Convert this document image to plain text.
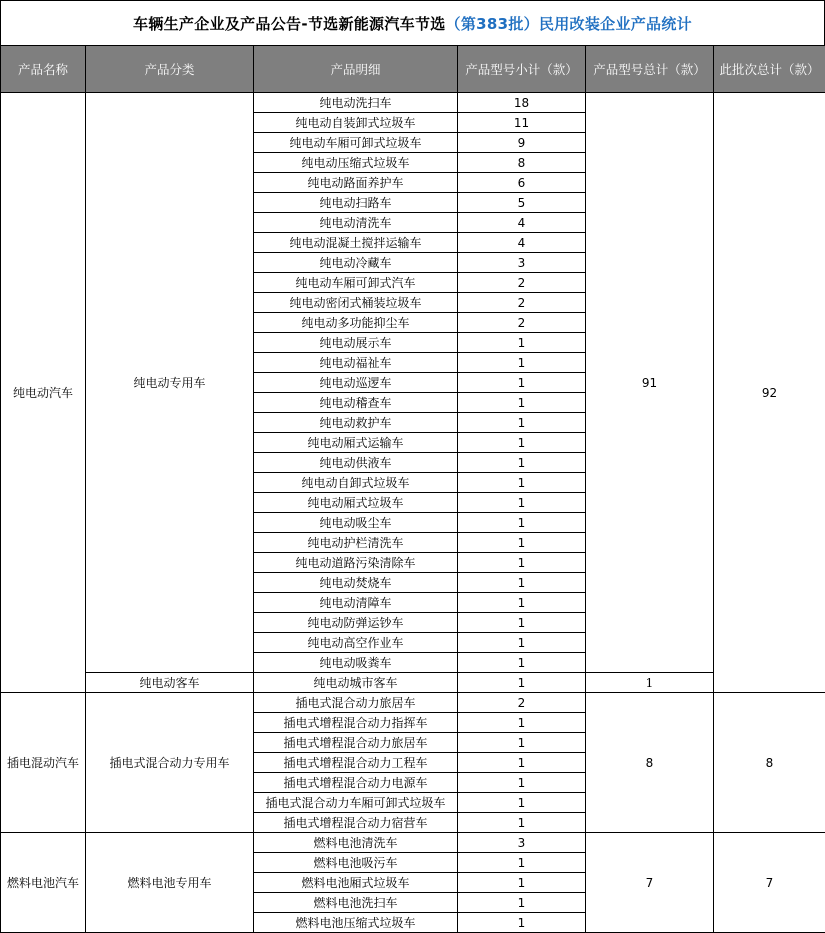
车辆生产企业及产品公告-节选新能源汽车节选 （第383批）民用改装企业产品统计
产品名称	产品分类	产品明细	产品型号小计（款）	产品型号总计（款）	此批次总计（款）
纯电动汽车	纯电动专用车	纯电动洗扫车	18	91	92
		纯电动自装卸式垃圾车	11		
		纯电动车厢可卸式垃圾车	9		
		纯电动压缩式垃圾车	8		
		纯电动路面养护车	6		
		纯电动扫路车	5		
		纯电动清洗车	4		
		纯电动混凝土搅拌运输车	4		
		纯电动冷藏车	3		
		纯电动车厢可卸式汽车	2		
		纯电动密闭式桶装垃圾车	2		
		纯电动多功能抑尘车	2		
		纯电动展示车	1		
		纯电动福祉车	1		
		纯电动巡逻车	1		
		纯电动稽查车	1		
		纯电动救护车	1		
		纯电动厢式运输车	1		
		纯电动供液车	1		
		纯电动自卸式垃圾车	1		
		纯电动厢式垃圾车	1		
		纯电动吸尘车	1		
		纯电动护栏清洗车	1		
		纯电动道路污染清除车	1		
		纯电动焚烧车	1		
		纯电动清障车	1		
		纯电动防弹运钞车	1		
		纯电动高空作业车	1		
		纯电动吸粪车	1		
	纯电动客车	纯电动城市客车	1	1	
插电混动汽车	插电式混合动力专用车	插电式混合动力旅居车	2	8	8
		插电式增程混合动力指挥车	1		
		插电式增程混合动力旅居车	1		
		插电式增程混合动力工程车	1		
		插电式增程混合动力电源车	1		
		插电式混合动力车厢可卸式垃圾车	1		
		插电式增程混合动力宿营车	1		
燃料电池汽车	燃料电池专用车	燃料电池清洗车	3	7	7
		燃料电池吸污车	1		
		燃料电池厢式垃圾车	1		
		燃料电池洗扫车	1		
		燃料电池压缩式垃圾车	1		
